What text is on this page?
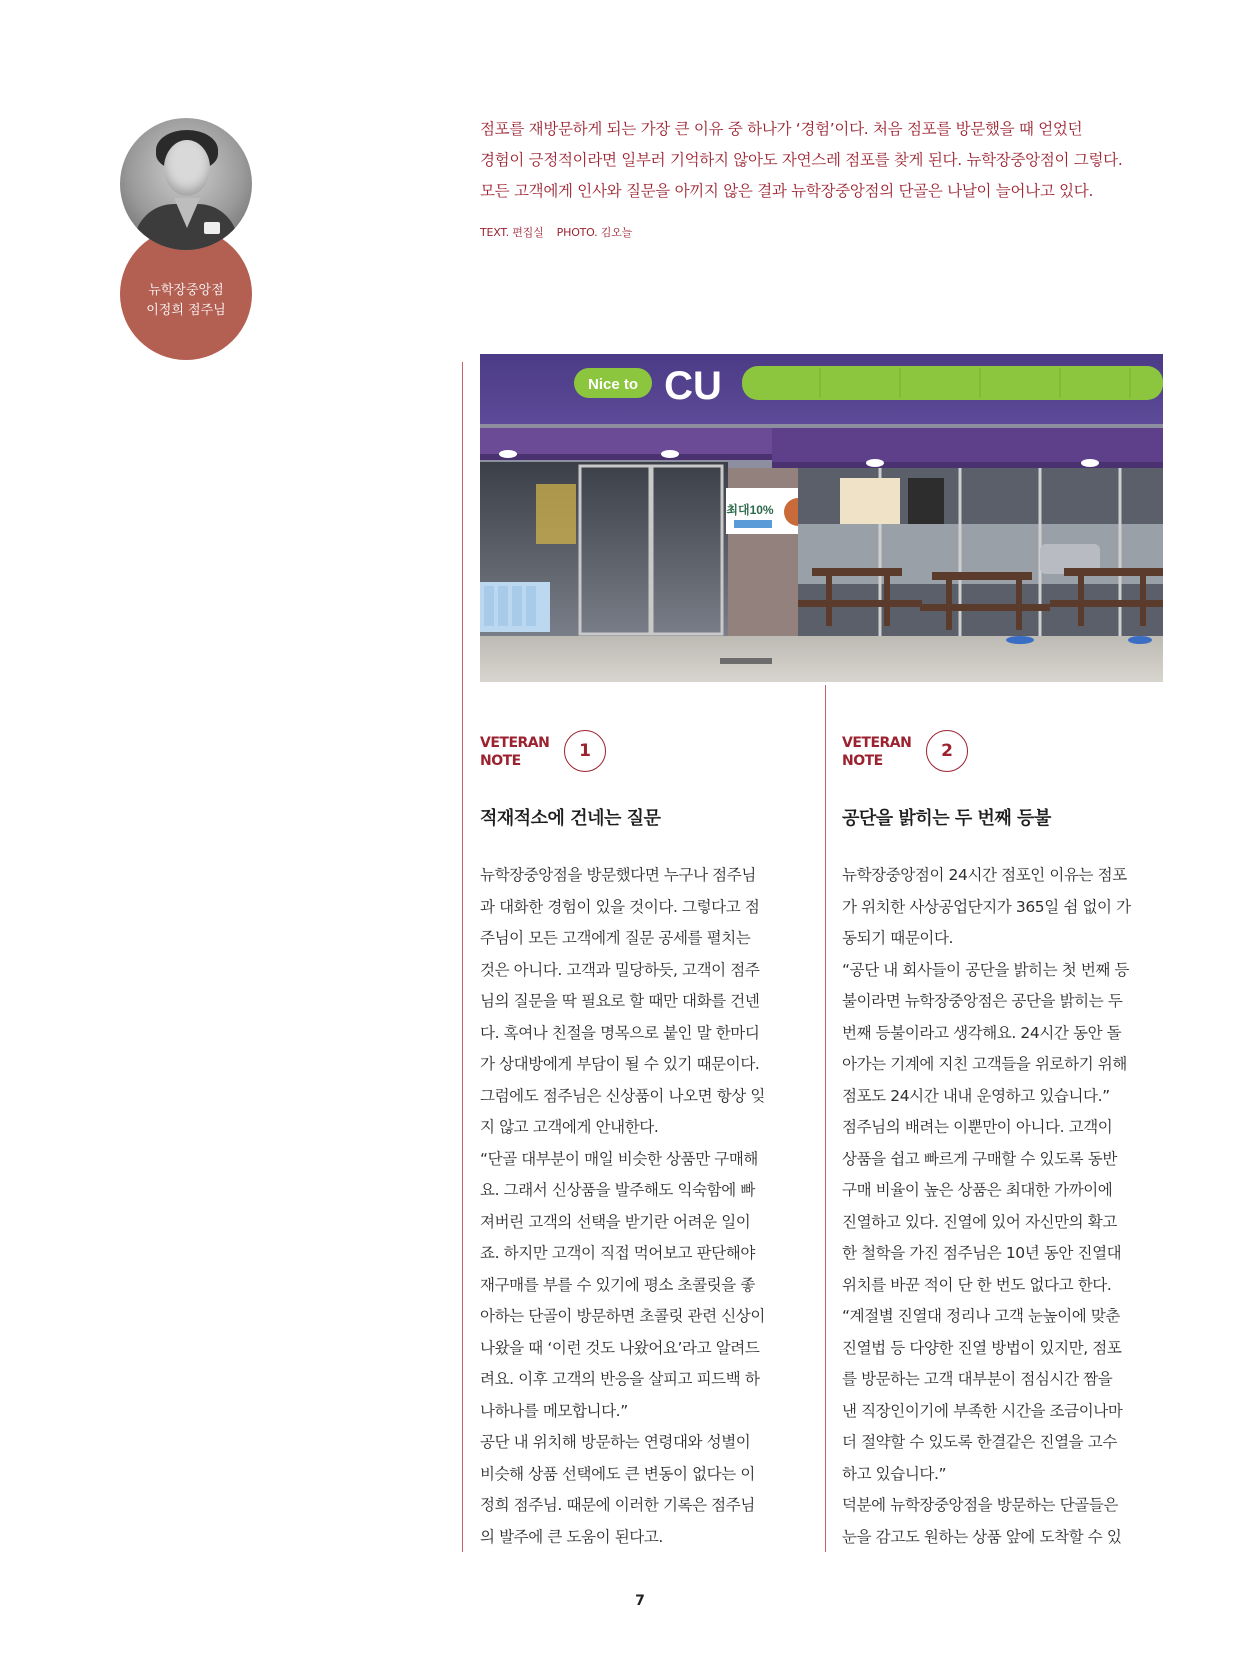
뉴학장중앙점
이정희 점주님

점포를 재방문하게 되는 가장 큰 이유 중 하나가 ‘경험’이다. 처음 점포를 방문했을 때 얻었던

경험이 긍정적이라면 일부러 기억하지 않아도 자연스레 점포를 찾게 된다. 뉴학장중앙점이 그렇다.

모든 고객에게 인사와 질문을 아끼지 않은 결과 뉴학장중앙점의 단골은 나날이 늘어나고 있다.

TEXT. 편집실    PHOTO. 김오늘
Nice to CU
최대10%
VETERAN
NOTE	1
적재적소에 건네는 질문

뉴학장중앙점을 방문했다면 누구나 점주님

과 대화한 경험이 있을 것이다. 그렇다고 점

주님이 모든 고객에게 질문 공세를 펼치는

것은 아니다. 고객과 밀당하듯, 고객이 점주

님의 질문을 딱 필요로 할 때만 대화를 건넨

다. 혹여나 친절을 명목으로 붙인 말 한마디

가 상대방에게 부담이 될 수 있기 때문이다.

그럼에도 점주님은 신상품이 나오면 항상 잊

지 않고 고객에게 안내한다.

“단골 대부분이 매일 비슷한 상품만 구매해

요. 그래서 신상품을 발주해도 익숙함에 빠

져버린 고객의 선택을 받기란 어려운 일이

죠. 하지만 고객이 직접 먹어보고 판단해야

재구매를 부를 수 있기에 평소 초콜릿을 좋

아하는 단골이 방문하면 초콜릿 관련 신상이

나왔을 때 ‘이런 것도 나왔어요’라고 알려드

려요. 이후 고객의 반응을 살피고 피드백 하

나하나를 메모합니다.”

공단 내 위치해 방문하는 연령대와 성별이

비슷해 상품 선택에도 큰 변동이 없다는 이

정희 점주님. 때문에 이러한 기록은 점주님

의 발주에 큰 도움이 된다고.

VETERAN
NOTE	2
공단을 밝히는 두 번째 등불

뉴학장중앙점이 24시간 점포인 이유는 점포

가 위치한 사상공업단지가 365일 쉼 없이 가

동되기 때문이다.

“공단 내 회사들이 공단을 밝히는 첫 번째 등

불이라면 뉴학장중앙점은 공단을 밝히는 두

번째 등불이라고 생각해요. 24시간 동안 돌

아가는 기계에 지친 고객들을 위로하기 위해

점포도 24시간 내내 운영하고 있습니다.”

점주님의 배려는 이뿐만이 아니다. 고객이

상품을 쉽고 빠르게 구매할 수 있도록 동반

구매 비율이 높은 상품은 최대한 가까이에

진열하고 있다. 진열에 있어 자신만의 확고

한 철학을 가진 점주님은 10년 동안 진열대

위치를 바꾼 적이 단 한 번도 없다고 한다.

“계절별 진열대 정리나 고객 눈높이에 맞춘

진열법 등 다양한 진열 방법이 있지만, 점포

를 방문하는 고객 대부분이 점심시간 짬을

낸 직장인이기에 부족한 시간을 조금이나마

더 절약할 수 있도록 한결같은 진열을 고수

하고 있습니다.”

덕분에 뉴학장중앙점을 방문하는 단골들은

눈을 감고도 원하는 상품 앞에 도착할 수 있

7
